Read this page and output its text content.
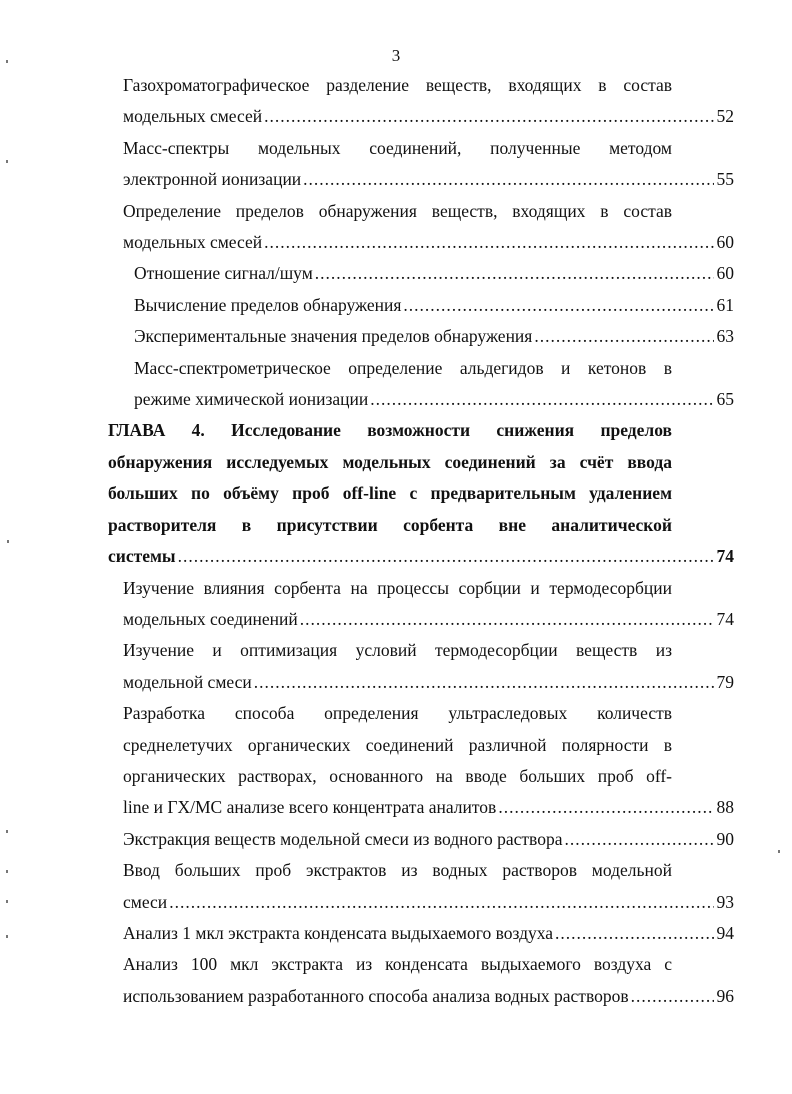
3
Газохроматографическое разделение веществ, входящих в состав
модельных смесей .....	52
Масс-спектры модельных соединений, полученные методом
электронной ионизации .....	55
Определение пределов обнаружения веществ, входящих в состав
модельных смесей .....	60
Отношение сигнал/шум .....	60
Вычисление пределов обнаружения .....	61
Экспериментальные значения пределов обнаружения .....	63
Масс-спектрометрическое определение альдегидов и кетонов в
режиме химической ионизации .....	65
ГЛАВА 4. Исследование возможности снижения пределов
обнаружения исследуемых модельных соединений за счёт ввода
больших по объёму проб off-line с предварительным удалением
растворителя в присутствии сорбента вне аналитической
системы .....	74
Изучение влияния сорбента на процессы сорбции и термодесорбции
модельных соединений .....	74
Изучение и оптимизация условий термодесорбции веществ из
модельной смеси .....	79
Разработка способа определения ультраследовых количеств
среднелетучих органических соединений различной полярности в
органических растворах, основанного на вводе больших проб off-
line и ГХ/МС анализе всего концентрата аналитов .....	88
Экстракция веществ модельной смеси из водного раствора .....	90
Ввод больших проб экстрактов из водных растворов модельной
смеси .....	93
Анализ 1 мкл экстракта конденсата выдыхаемого воздуха .....	94
Анализ 100 мкл экстракта из конденсата выдыхаемого воздуха с
использованием разработанного способа анализа водных растворов .....	96
